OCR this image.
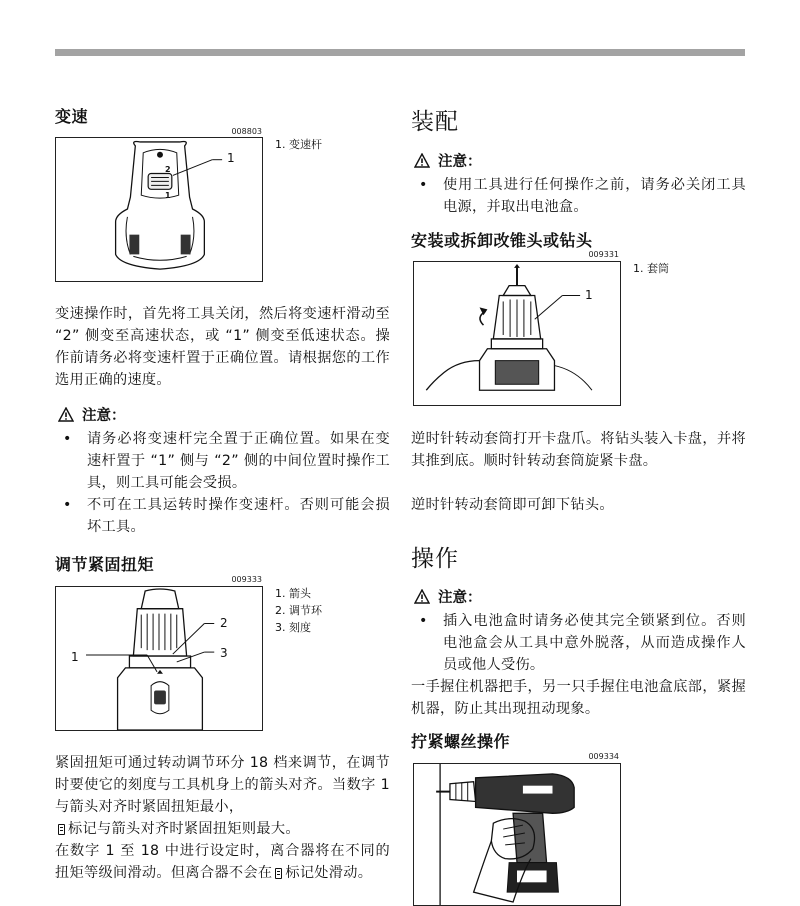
变速
008803
1
2
1
1. 变速杆
变速操作时，首先将工具关闭，然后将变速杆滑动至 “2” 侧变至高速状态，或 “1” 侧变至低速状态。操作前请务必将变速杆置于正确位置。请根据您的工作选用正确的速度。
注意：
• 请务必将变速杆完全置于正确位置。如果在变速杆置于 “1” 侧与 “2” 侧的中间位置时操作工具，则工具可能会受损。
• 不可在工具运转时操作变速杆。否则可能会损坏工具。
调节紧固扭矩
009333
1
2
3
1. 箭头
2. 调节环
3. 刻度
紧固扭矩可通过转动调节环分 18 档来调节，在调节时要使它的刻度与工具机身上的箭头对齐。当数字 1 与箭头对齐时紧固扭矩最小，
标记与箭头对齐时紧固扭矩则最大。
在数字 1 至 18 中进行设定时，离合器将在不同的扭矩等级间滑动。但离合器不会在 标记处滑动。
装配
注意：
• 使用工具进行任何操作之前，请务必关闭工具电源，并取出电池盒。
安装或拆卸改锥头或钻头
009331
1
1. 套筒
逆时针转动套筒打开卡盘爪。将钻头装入卡盘，并将其推到底。顺时针转动套筒旋紧卡盘。
逆时针转动套筒即可卸下钻头。
操作
注意：
• 插入电池盒时请务必使其完全锁紧到位。否则电池盒会从工具中意外脱落，从而造成操作人员或他人受伤。
一手握住机器把手，另一只手握住电池盒底部，紧握机器，防止其出现扭动现象。
拧紧螺丝操作
009334
